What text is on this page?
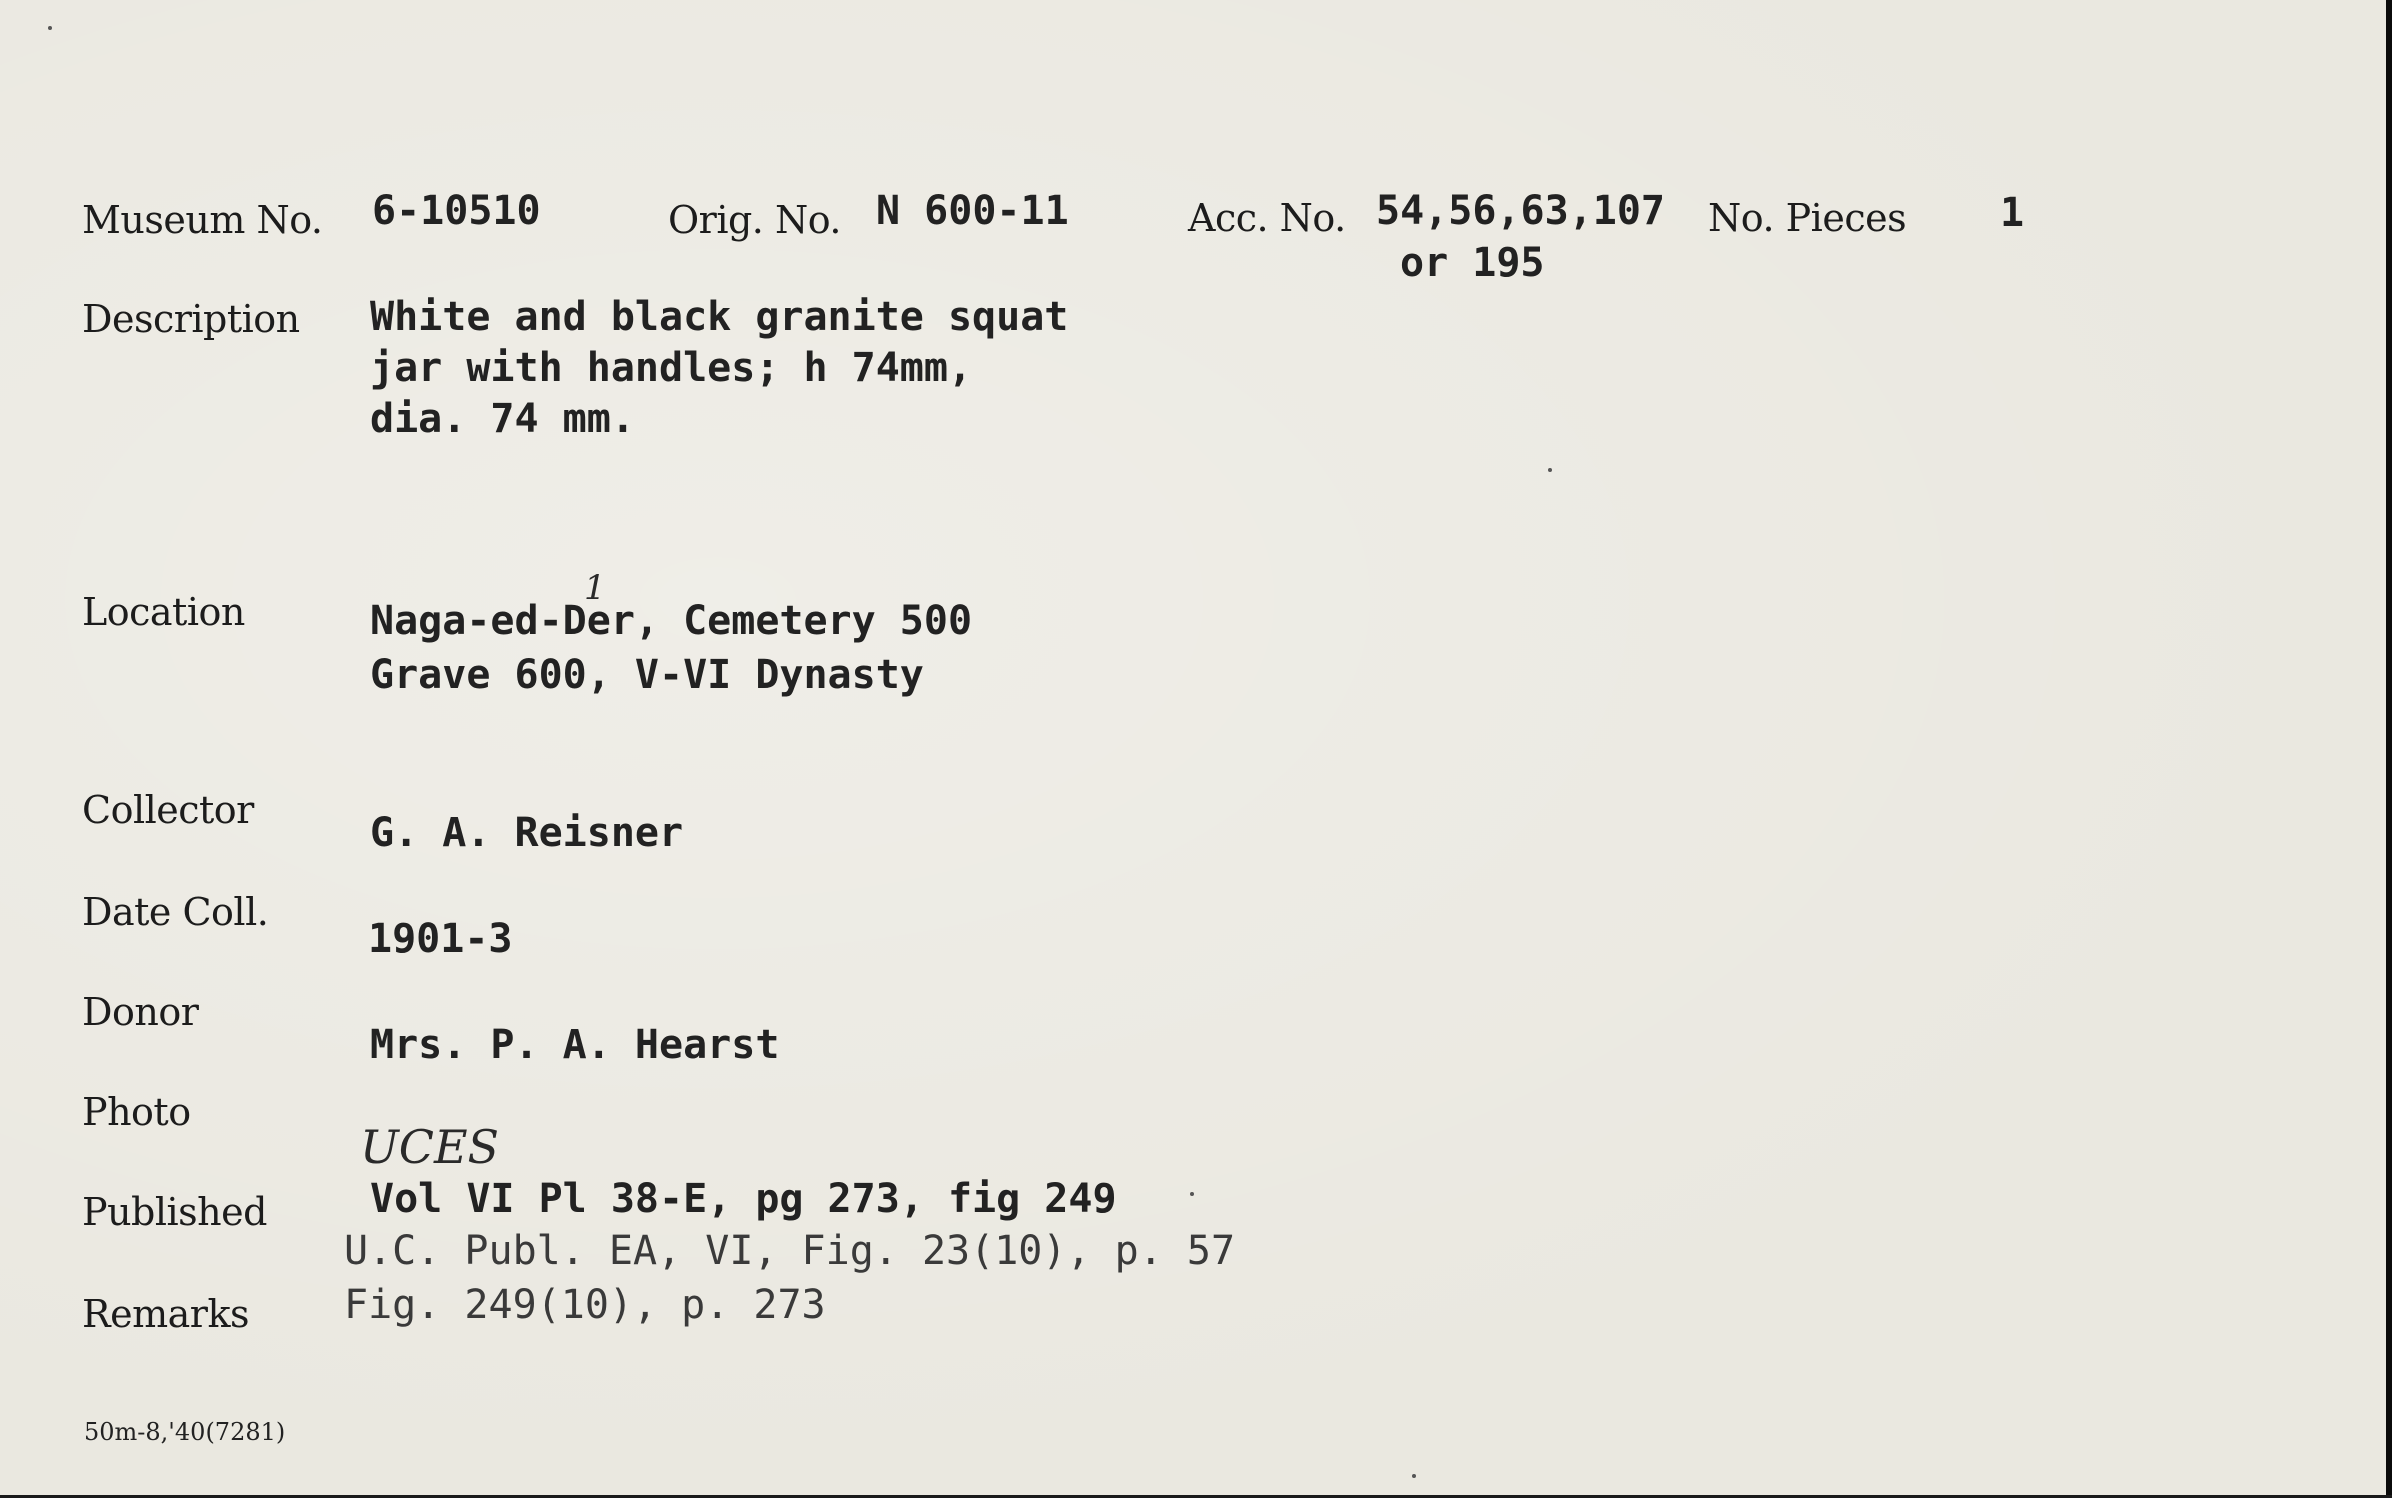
Museum No. 6-10510	Orig. No. N 600-11	Acc. No. 54,56,63,107
or 195
No. Pieces 1
Description White and black granite squat
jar with handles; h 74mm,
dia. 74 mm.
Location	Naga-ed-Der, Cemetery 500
Grave 600, V-VI Dynasty
1
Collector	G. A. Reisner
Date Coll.
1901-3
Donor
Mrs. P. A. Hearst
Photo
UCES
Published	Vol VI Pl 38-E, pg 273, fig 249
U.C. Publ. EA, VI, Fig. 23(10), p. 57
Remarks Fig. 249(10), p. 273
50m-8,'40(7281)
